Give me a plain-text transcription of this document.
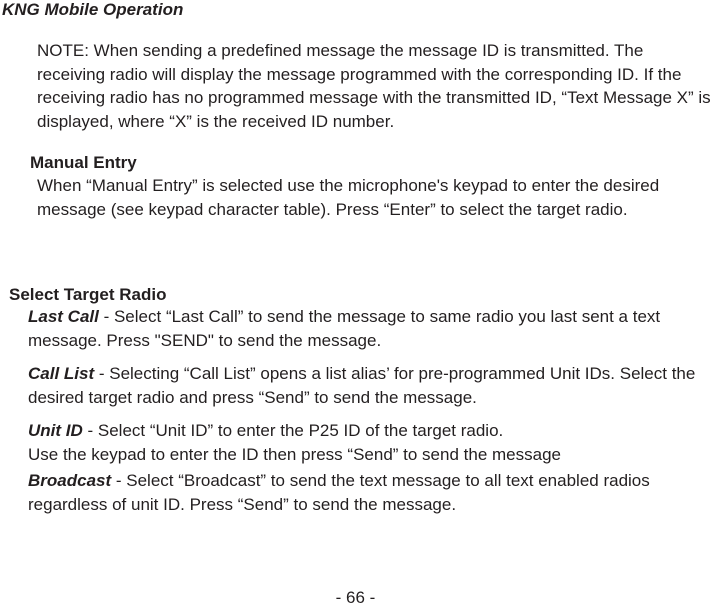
KNG Mobile Operation
NOTE: When sending a predefined message the message ID is transmitted. The receiving radio will display the message programmed with the corresponding ID. If the receiving radio has no programmed message with the transmitted ID, “Text Message X” is displayed, where “X” is the received ID number.
Manual Entry
When “Manual Entry” is selected use the microphone's keypad to enter the desired message (see keypad character table). Press “Enter” to select the target radio.
Select Target Radio
Last Call - Select “Last Call” to send the message to same radio you last sent a text message. Press "SEND" to send the message.
Call List - Selecting “Call List” opens a list alias’ for pre-programmed Unit IDs. Select the desired target radio and press “Send” to send the message.
Unit ID - Select “Unit ID” to enter the P25 ID of the target radio.
Use the keypad to enter the ID then press “Send” to send the message
Broadcast - Select “Broadcast” to send the text message to all text enabled radios regardless of unit ID. Press “Send” to send the message.
- 66 -
